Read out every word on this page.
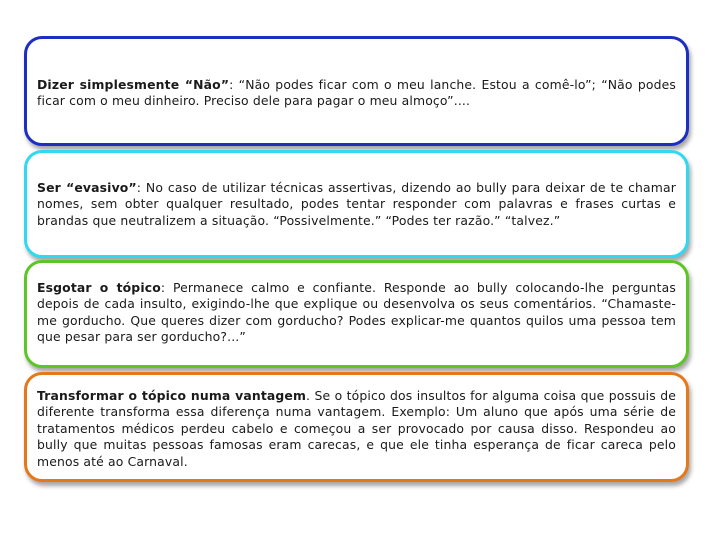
Dizer simplesmente “Não”: “Não podes ficar com o meu lanche. Estou a comê-lo”; “Não podes ficar com o meu dinheiro. Preciso dele para pagar o meu almoço”....

Ser “evasivo”: No caso de utilizar técnicas assertivas, dizendo ao bully para deixar de te chamar nomes, sem obter qualquer resultado, podes tentar responder com palavras e frases curtas e brandas que neutralizem a situação. “Possivelmente.” “Podes ter razão.” “talvez.”

Esgotar o tópico: Permanece calmo e confiante. Responde ao bully colocando-lhe perguntas depois de cada insulto, exigindo-lhe que explique ou desenvolva os seus comentários. “Chamaste-me gorducho. Que queres dizer com gorducho? Podes explicar-me quantos quilos uma pessoa tem que pesar para ser gorducho?...”

Transformar o tópico numa vantagem. Se o tópico dos insultos for alguma coisa que possuis de diferente transforma essa diferença numa vantagem. Exemplo: Um aluno que após uma série de tratamentos médicos perdeu cabelo e começou a ser provocado por causa disso. Respondeu ao bully que muitas pessoas famosas eram carecas, e que ele tinha esperança de ficar careca pelo menos até ao Carnaval.
